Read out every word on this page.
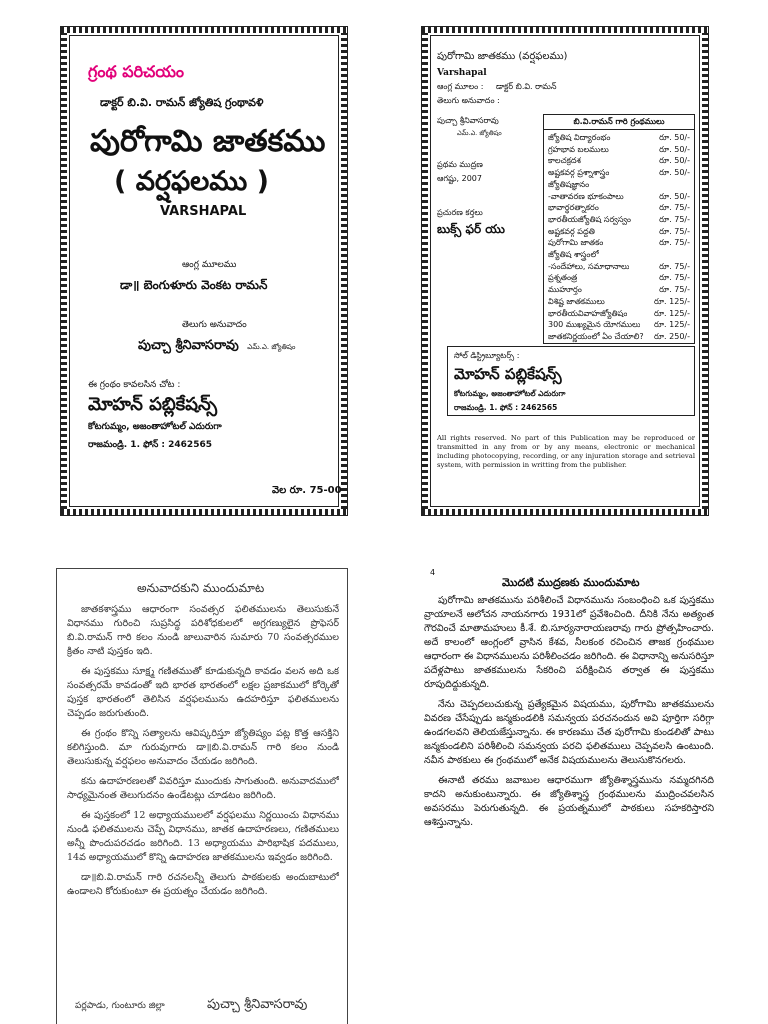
గ్రంథ పరిచయం
డాక్టర్ బి.వి. రామన్ జ్యోతిష గ్రంథావళి
పురోగామి జాతకము
( వర్షఫలము )
VARSHAPAL
ఆంగ్ల మూలము
డా॥ బెంగుళూరు వెంకట రామన్
తెలుగు అనువాదం
పుచ్చా శ్రీనివాసరావు ఎమ్.ఎ. జ్యోతిషం
ఈ గ్రంథం కావలసిన చోట :
మోహన్ పబ్లికేషన్స్
కోటగుమ్మం, అజంతాహోటల్ ఎదురుగా
రాజమండ్రి. 1. ఫోన్ : 2462565
వెల రూ. 75-00
పురోగామి జాతకము (వర్షఫలము)
Varshapal
ఆంగ్ల మూలం : డాక్టర్ బి.వి. రామన్
తెలుగు అనువాదం :
పుచ్చా శ్రీనివాసరావు
ఎమ్.ఎ. జ్యోతిషం
ప్రథమ ముద్రణ
ఆగష్టు, 2007
ప్రచురణ కర్తలు
బుక్స్ ఫర్ యు
బి.వి.రామన్ గారి గ్రంథములు
జ్యోతిష విద్యారంభం	రూ. 50/-
గ్రహభావ బలములు	రూ. 50/-
కాలచక్రదశ	రూ. 50/-
అష్టకవర్గ ప్రశ్నాశాస్త్రం	రూ. 50/-
జ్యోతిషజ్ఞానం
-వాతావరణ భూకంపాలు	రూ. 50/-
భావార్థరత్నాకరం	రూ. 75/-
భారతీయజ్యోతిష సర్వస్వం	రూ. 75/-
అష్టకవర్గ పద్ధతి	రూ. 75/-
పురోగామి జాతకం	రూ. 75/-
జ్యోతిష శాస్త్రంలో
-సందేహాలు, సమాధానాలు	రూ. 75/-
ప్రశ్నతంత్ర	రూ. 75/-
ముహూర్తం	రూ. 75/-
విశిష్ట జాతకములు	రూ. 125/-
భారతీయవివాహజ్యోతిషం	రూ. 125/-
300 ముఖ్యమైన యోగములు రూ. 125/-
జాతకనిర్ణయంలో ఏం చేయాలి? రూ. 250/-
సోల్ డిస్ట్రిబ్యూటర్స్ :
మోహన్ పబ్లికేషన్స్
కోటగుమ్మం, అజంతాహోటల్ ఎదురుగా
రాజమండ్రి. 1. ఫోన్ : 2462565
All rights reserved. No part of this Publication may be reproduced or transmitted in any from or by any means, electronic or mechanical including photocopying, recording, or any injuration storage and setrieval system, with permission in writting from the publisher.
అనువాదకుని ముందుమాట
జాతకశాస్త్రము ఆధారంగా సంవత్సర ఫలితములను తెలుసుకునే విధానము గురించి సుప్రసిద్ధ పరిశోధకులలో అగ్రగణ్యులైన ప్రొఫెసర్ బి.వి.రామన్ గారి కలం నుండి జాలువారిన సుమారు 70 సంవత్సరముల క్రితం నాటి పుస్తకం ఇది.
ఈ పుస్తకము సూక్ష్మ గణితముతో కూడుకున్నది కావడం వలన అది ఒక సంవత్సరమే కావడంతో ఇది భారత భారతంలో లక్షల ప్రజాకములో కోర్కెతో పుస్తక భారతంలో తెలిసిన వర్షఫలమును ఉదహరిస్తూ ఫలితములను చెప్పడం జరుగుతుంది.
ఈ గ్రంథం కొన్ని సత్యాలను ఆవిష్కరిస్తూ జ్యోతిష్యం పట్ల కొత్త ఆసక్తిని కలిగిస్తుంది. మా గురువుగారు డా॥బి.వి.రామన్ గారి కలం నుండి తెలుసుకున్న వర్షఫలం అనువాదం చేయడం జరిగింది.
కను ఉదాహరణలతో వివరిస్తూ ముందుకు సాగుతుంది. అనువాదములో సాధ్యమైనంత తెలుగుదనం ఉండేటట్లు చూడటం జరిగింది.
ఈ పుస్తకంలో 12 అధ్యాయములలో వర్షఫలము నిర్ణయించు విధానము నుండి ఫలితములను చెప్పే విధానము, జాతక ఉదాహరణలు, గణితములు అన్నీ పొందుపరచడం జరిగింది. 13 అధ్యాయము పారిభాషిక పదములు, 14వ అధ్యాయములో కొన్ని ఉదాహరణ జాతకములను ఇవ్వడం జరిగింది.
డా॥బి.వి.రామన్ గారి రచనలన్నీ తెలుగు పాఠకులకు అందుబాటులో ఉండాలని కోరుకుంటూ ఈ ప్రయత్నం చేయడం జరిగింది.
పర్లపాడు, గుంటూరు జిల్లా	పుచ్చా శ్రీనివాసరావు
4
మొదటి ముద్రణకు ముందుమాట
పురోగామి జాతకమును పరిశీలించే విధానమును సంబంధించి ఒక పుస్తకము వ్రాయాలనే ఆలోచన నాయనగారు 1931లో ప్రవేశించింది. దీనికి నేను అత్యంత గౌరవించే మాతామహులు కీ.శే. బి.సూర్యనారాయణరావు గారు ప్రోత్సహించారు. అదే కాలంలో ఆంగ్లంలో వ్రాసిన కేశవ, నీలకంఠ రచించిన తాజక గ్రంథముల ఆధారంగా ఈ విధానములను పరిశీలించడం జరిగింది. ఈ విధానాన్ని అనుసరిస్తూ పదేళ్లపాటు జాతకములను సేకరించి పరీక్షించిన తర్వాత ఈ పుస్తకము రూపుదిద్దుకున్నది.
నేను చెప్పదలుచుకున్న ప్రత్యేకమైన విషయము, పురోగామి జాతకములను వివరణ చేసేప్పుడు జన్మకుండలికి సమన్వయ పరచనందున అవి పూర్తిగా సరిగ్గా ఉండగలవని తెలియజేస్తున్నాను. ఈ కారణము చేత పురోగామి కుండలితో పాటు జన్మకుండలిని పరిశీలించి సమన్వయ పరచి ఫలితములు చెప్పవలసి ఉంటుంది. నవీన పాఠకులు ఈ గ్రంథములో అనేక విషయములను తెలుసుకొనగలరు.
ఈనాటి తరము జవాబుల ఆధారముగా జ్యోతిశ్శాస్త్రమును నమ్మదగినది కాదని అనుకుంటున్నారు. ఈ జ్యోతిశ్శాస్త్ర గ్రంథములను ముద్రించవలసిన అవసరము పెరుగుతున్నది. ఈ ప్రయత్నములో పాఠకులు సహకరిస్తారని ఆశిస్తున్నాను.
